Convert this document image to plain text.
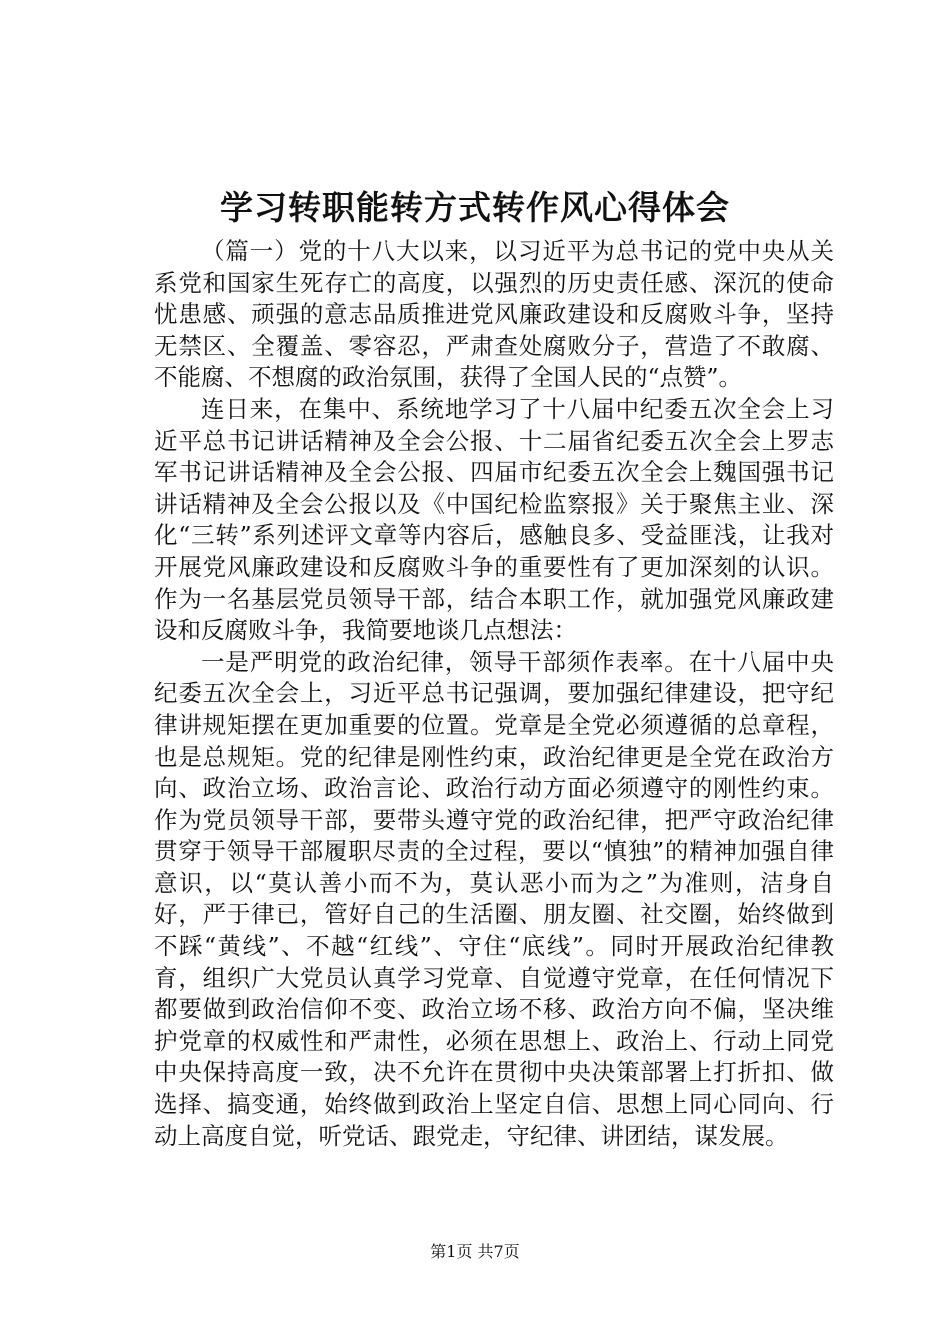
学习转职能转方式转作风心得体会

（篇一）党的十八大以来，以习近平为总书记的党中央从关系党和国家生死存亡的高度，以强烈的历史责任感、深沉的使命忧患感、顽强的意志品质推进党风廉政建设和反腐败斗争，坚持无禁区、全覆盖、零容忍，严肃查处腐败分子，营造了不敢腐、不能腐、不想腐的政治氛围，获得了全国人民的“点赞”。

连日来，在集中、系统地学习了十八届中纪委五次全会上习近平总书记讲话精神及全会公报、十二届省纪委五次全会上罗志军书记讲话精神及全会公报、四届市纪委五次全会上魏国强书记讲话精神及全会公报以及《中国纪检监察报》关于聚焦主业、深化“三转”系列述评文章等内容后，感触良多、受益匪浅，让我对开展党风廉政建设和反腐败斗争的重要性有了更加深刻的认识。作为一名基层党员领导干部，结合本职工作，就加强党风廉政建设和反腐败斗争，我简要地谈几点想法：

一是严明党的政治纪律，领导干部须作表率。在十八届中央纪委五次全会上，习近平总书记强调，要加强纪律建设，把守纪律讲规矩摆在更加重要的位置。党章是全党必须遵循的总章程，也是总规矩。党的纪律是刚性约束，政治纪律更是全党在政治方向、政治立场、政治言论、政治行动方面必须遵守的刚性约束。作为党员领导干部，要带头遵守党的政治纪律，把严守政治纪律贯穿于领导干部履职尽责的全过程，要以“慎独”的精神加强自律意识，以“莫认善小而不为，莫认恶小而为之”为准则，洁身自好，严于律已，管好自己的生活圈、朋友圈、社交圈，始终做到不踩“黄线”、不越“红线”、守住“底线”。同时开展政治纪律教育，组织广大党员认真学习党章、自觉遵守党章，在任何情况下都要做到政治信仰不变、政治立场不移、政治方向不偏，坚决维护党章的权威性和严肃性，必须在思想上、政治上、行动上同党中央保持高度一致，决不允许在贯彻中央决策部署上打折扣、做选择、搞变通，始终做到政治上坚定自信、思想上同心同向、行动上高度自觉，听党话、跟党走，守纪律、讲团结，谋发展。

第1页 共7页
